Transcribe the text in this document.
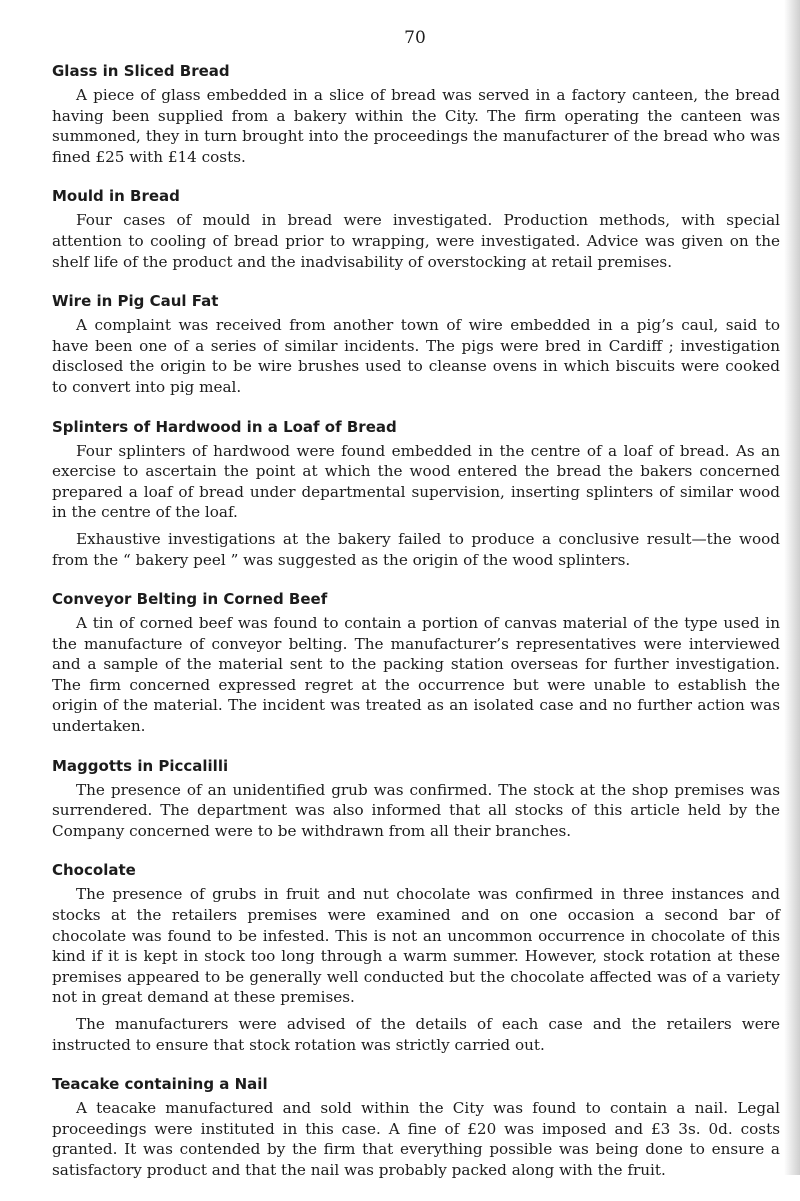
70
Glass in Sliced Bread

A piece of glass embedded in a slice of bread was served in a factory canteen, the bread having been supplied from a bakery within the City. The firm operating the canteen was summoned, they in turn brought into the proceedings the manufacturer of the bread who was fined £25 with £14 costs.

Mould in Bread

Four cases of mould in bread were investigated. Production methods, with special attention to cooling of bread prior to wrapping, were investigated. Advice was given on the shelf life of the product and the inadvisability of overstocking at retail premises.

Wire in Pig Caul Fat

A complaint was received from another town of wire embedded in a pig’s caul, said to have been one of a series of similar incidents. The pigs were bred in Cardiff ; investigation disclosed the origin to be wire brushes used to cleanse ovens in which biscuits were cooked to convert into pig meal.

Splinters of Hardwood in a Loaf of Bread

Four splinters of hardwood were found embedded in the centre of a loaf of bread. As an exercise to ascertain the point at which the wood entered the bread the bakers concerned prepared a loaf of bread under departmental supervision, inserting splinters of similar wood in the centre of the loaf.

Exhaustive investigations at the bakery failed to produce a conclusive result—the wood from the “ bakery peel ” was suggested as the origin of the wood splinters.

Conveyor Belting in Corned Beef

A tin of corned beef was found to contain a portion of canvas material of the type used in the manufacture of conveyor belting. The manufacturer’s representatives were interviewed and a sample of the material sent to the packing station overseas for further investigation. The firm concerned expressed regret at the occurrence but were unable to establish the origin of the material. The incident was treated as an isolated case and no further action was undertaken.

Maggotts in Piccalilli

The presence of an unidentified grub was confirmed. The stock at the shop premises was surrendered. The department was also informed that all stocks of this article held by the Company concerned were to be withdrawn from all their branches.

Chocolate

The presence of grubs in fruit and nut chocolate was confirmed in three instances and stocks at the retailers premises were examined and on one occasion a second bar of chocolate was found to be infested. This is not an uncommon occurrence in chocolate of this kind if it is kept in stock too long through a warm summer. However, stock rotation at these premises appeared to be generally well conducted but the chocolate affected was of a variety not in great demand at these premises.

The manufacturers were advised of the details of each case and the retailers were instructed to ensure that stock rotation was strictly carried out.

Teacake containing a Nail

A teacake manufactured and sold within the City was found to contain a nail. Legal proceedings were instituted in this case. A fine of £20 was imposed and £3 3s. 0d. costs granted. It was contended by the firm that everything possible was being done to ensure a satisfactory product and that the nail was probably packed along with the fruit.
